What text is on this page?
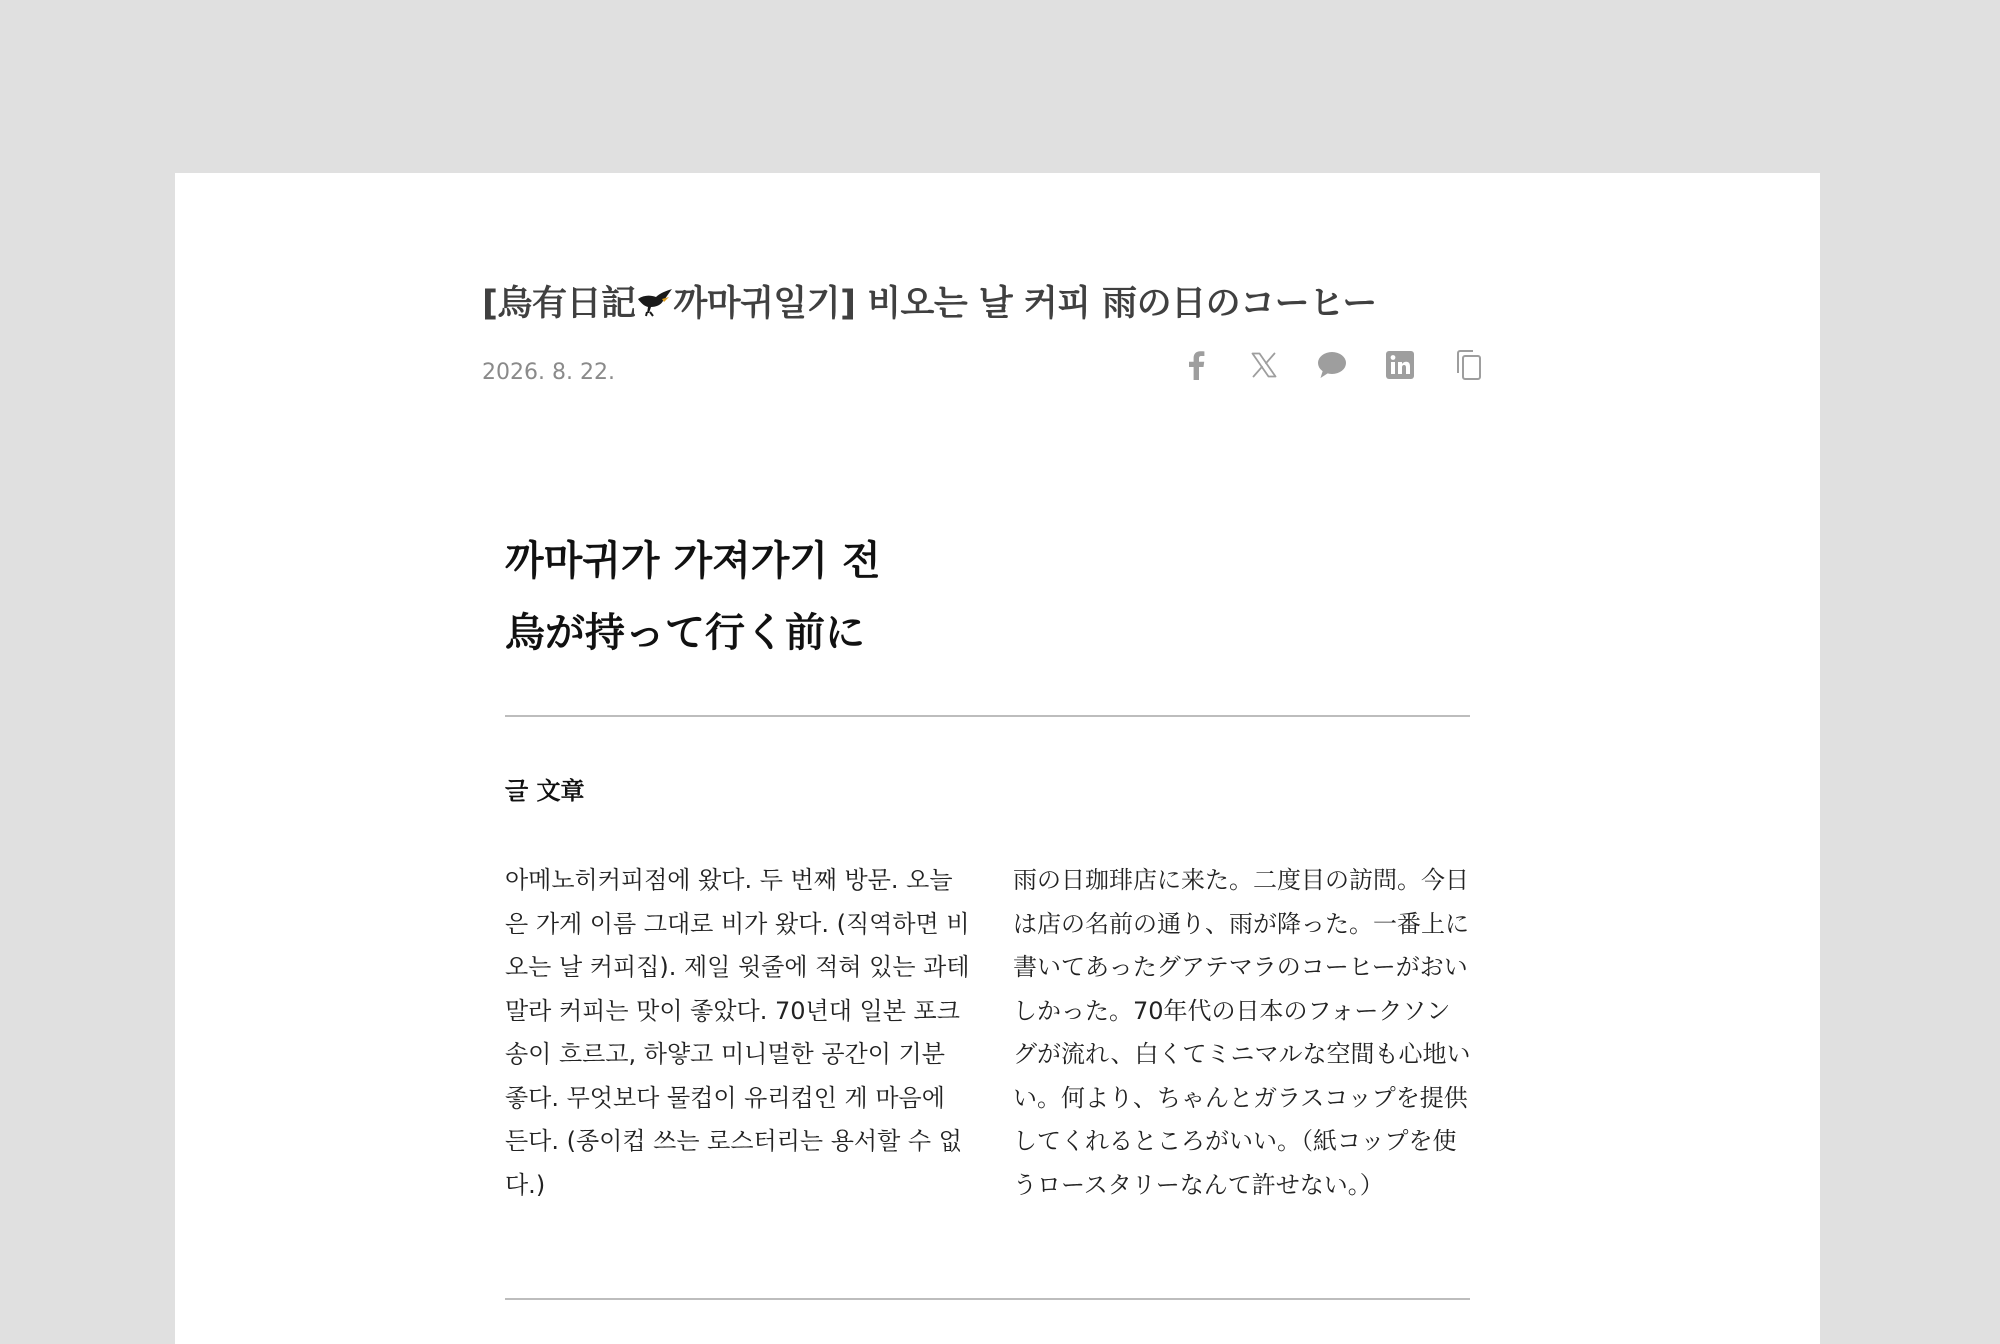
[烏有日記 까마귀일기] 비오는 날 커피 雨の日のコーヒー
2026. 8. 22.
까마귀가 가져가기 전
烏が持って行く前に
글 文章

아메노히커피점에 왔다. 두 번째 방문. 오늘은 가게 이름 그대로 비가 왔다. (직역하면 비 오는 날 커피집). 제일 윗줄에 적혀 있는 과테말라 커피는 맛이 좋았다. 70년대 일본 포크송이 흐르고, 하얗고 미니멀한 공간이 기분 좋다. 무엇보다 물컵이 유리컵인 게 마음에 든다. (종이컵 쓰는 로스터리는 용서할 수 없다.)

雨の日珈琲店に来た。二度目の訪問。今日は店の名前の通り、雨が降った。一番上に書いてあったグアテマラのコーヒーがおいしかった。70年代の日本のフォークソングが流れ、白くてミニマルな空間も心地いい。何より、ちゃんとガラスコップを提供してくれるところがいい。（紙コップを使うロースタリーなんて許せない。）
